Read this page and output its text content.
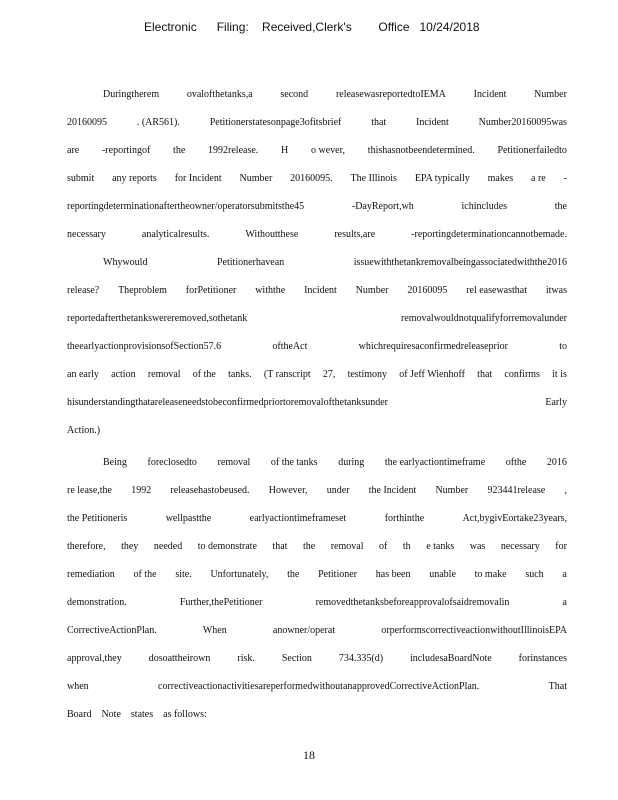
Electronic      Filing:    Received,Clerk's        Office   10/24/2018
Duringtherem	ovalofthetanks,a	second	releasewasreportedtoIEMA	Incident	Number
20160095	. (AR561).	Petitionerstatesonpage3ofitsbrief	that	Incident	Number20160095was
are -reportingof the 1992release. H o wever, thishasnotbeendetermined. Petitionerfailedto
submit any reports for Incident Number 20160095. The Illinois EPA typically makes a re -
reportingdeterminationaftertheowner/operatorsubmitsthe45	-DayReport,wh	ichincludes	the
necessary	analyticalresults.	Withoutthese	results,are	-reportingdeterminationcannotbemade.
Whywould	Petitionerhavean	issuewiththetankremovalbeingassociatedwiththe2016
release? Theproblem forPetitioner withthe Incident Number 20160095 rel easewasthat itwas
reportedafterthetankswereremoved,sothetank	removalwouldnotqualifyforremovalunder
theearlyactionprovisionsofSection57.6	oftheAct	whichrequiresaconfirmedreleaseprior	to
an early action removal of the tanks. (T ranscript 27, testimony of Jeff Wienhoff that confirms it is
hisunderstandingthatareleaseneedstobeconfirmedpriortoremovalofthetanksunder	Early
Action.)
Being foreclosedto removal of the tanks during the earlyactiontimeframe ofthe 2016
re lease,the 1992 releasehastobeused. However, under the Incident Number 923441release ,
the Petitioneris	wellpastthe	earlyactiontimeframeset	forthinthe	Act,bygivEortake23years,
therefore, they needed to demonstrate that the removal of th e tanks was necessary for
remediation of the site. Unfortunately, the Petitioner has been unable to make such a
demonstration.	Further,thePetitioner	removedthetanksbeforeapprovalofsaidremovalin	a
CorrectiveActionPlan.	When	anowner/operat	orperformscorrectiveactionwithoutIllinoisEPA
approval,they	dosoattheirown	risk.	Section	734.335(d)	includesaBoardNote	forinstances
when	correctiveactionactivitiesareperformedwithoutanapprovedCorrectiveActionPlan.	That
Board Note states as follows:
18
